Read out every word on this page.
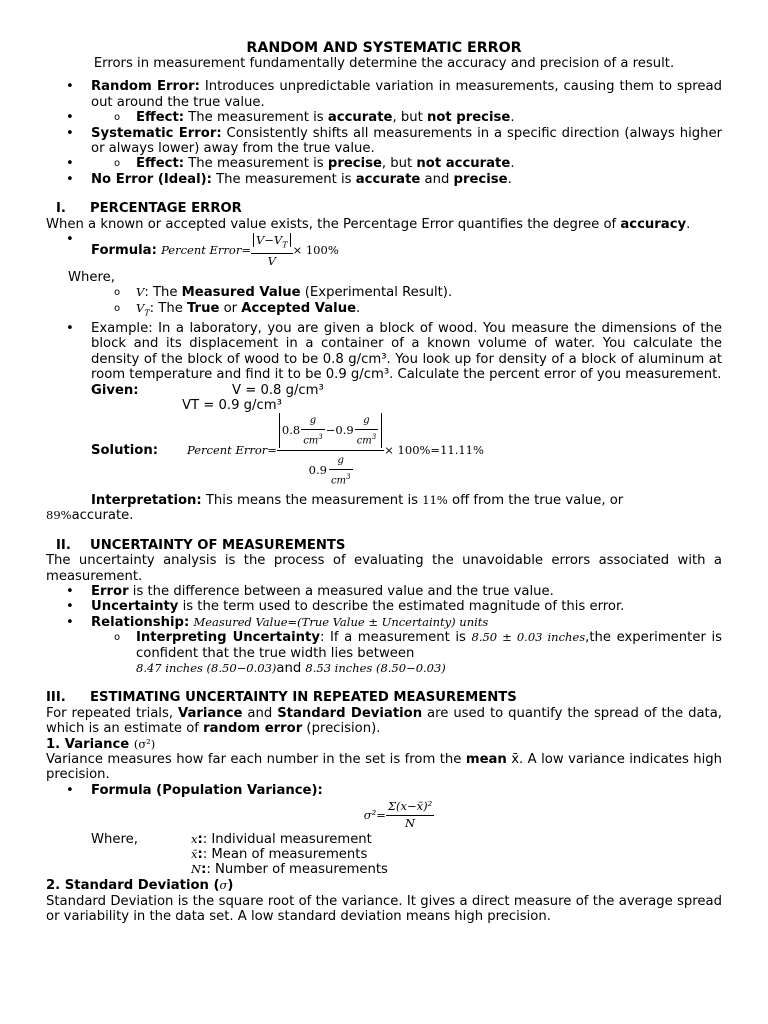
RANDOM AND SYSTEMATIC ERROR
Errors in measurement fundamentally determine the accuracy and precision of a result.
• Random Error: Introduces unpredictable variation in measurements, causing them to spread out around the true value.
o • Effect: The measurement is accurate, but not precise.
• Systematic Error: Consistently shifts all measurements in a specific direction (always higher or always lower) away from the true value.
o • Effect: The measurement is precise, but not accurate.
• No Error (Ideal): The measurement is accurate and precise.
I. PERCENTAGE ERROR
When a known or accepted value exists, the Percentage Error quantifies the degree of accuracy.
• Formula:
Percent Error= $\frac{V-V_T}{V} \times 100\%$
Where,
o V: The Measured Value (Experimental Result).
o $V_T$: The True or Accepted Value.
• Example: In a laboratory, you are given a block of wood. You measure the dimensions of the block and its displacement in a container of a known volume of water. You calculate the density of the block of wood to be 0.8 g/cm³. You look up for density of a block of aluminum at room temperature and find it to be 0.9 g/cm³. Calculate the percent error of you measurement.
Given:	V = 0.8 g/cm³
VT = 0.9 g/cm³
Solution:	Percent Error= $\frac{0.8 \frac{g}{cm^3} -0.9 \frac{g}{cm^3}}{0.9 \frac{g}{cm^3}} \times 100\%=11.11\%$
Interpretation: This means the measurement is 11% off from the true value, or
89%accurate.
II. UNCERTAINTY OF MEASUREMENTS
The uncertainty analysis is the process of evaluating the unavoidable errors associated with a measurement.
• Error is the difference between a measured value and the true value.
• Uncertainty is the term used to describe the estimated magnitude of this error.
• Relationship: Measured Value=(True Value ± Uncertainty) units
o Interpreting Uncertainty: If a measurement is 8.50 ± 0.03 inches,the experimenter is confident that the true width lies between
8.47 inches (8.50−0.03)and 8.53 inches (8.50−0.03)
III. ESTIMATING UNCERTAINTY IN REPEATED MEASUREMENTS
For repeated trials, Variance and Standard Deviation are used to quantify the spread of the data, which is an estimate of random error (precision).
1. Variance (σ²)
Variance measures how far each number in the set is from the mean x̄. A low variance indicates high precision.
• Formula (Population Variance):
$\sigma^2= \frac{\text{Σ(x−x̄)²}}{N}$
Where,	x:: Individual measurement
x̄:: Mean of measurements
N:: Number of measurements
2. Standard Deviation (σ)
Standard Deviation is the square root of the variance. It gives a direct measure of the average spread or variability in the data set. A low standard deviation means high precision.
